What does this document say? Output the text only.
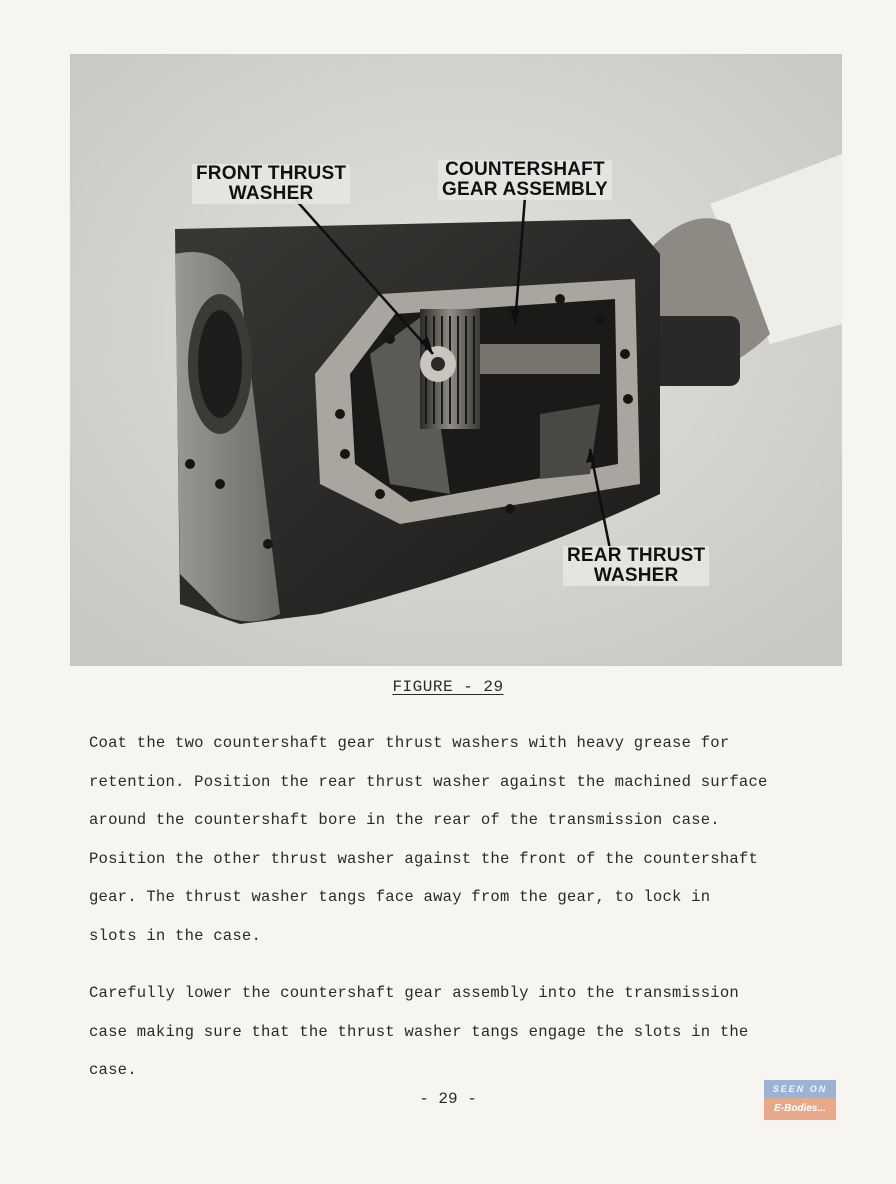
FRONT THRUST
WASHER
COUNTERSHAFT
GEAR ASSEMBLY
REAR THRUST
WASHER
FIGURE - 29

Coat the two countershaft gear thrust washers with heavy grease for
retention. Position the rear thrust washer against the machined surface
around the countershaft bore in the rear of the transmission case.
Position the other thrust washer against the front of the countershaft
gear. The thrust washer tangs face away from the gear, to lock in
slots in the case.

Carefully lower the countershaft gear assembly into the transmission
case making sure that the thrust washer tangs engage the slots in the
case.

- 29 -
SEEN ON
E-Bodies...
